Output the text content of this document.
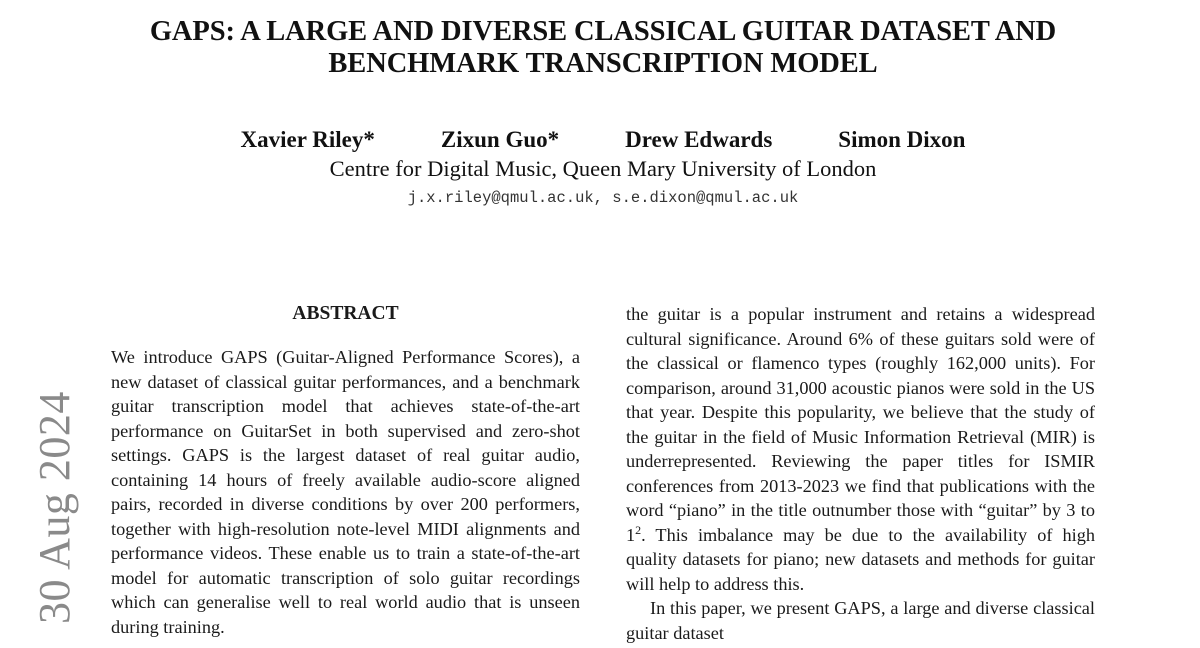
GAPS: A LARGE AND DIVERSE CLASSICAL GUITAR DATASET AND
BENCHMARK TRANSCRIPTION MODEL
Xavier Riley*	Zixun Guo*	Drew Edwards	Simon Dixon
Centre for Digital Music, Queen Mary University of London
j.x.riley@qmul.ac.uk, s.e.dixon@qmul.ac.uk
30 Aug 2024
ABSTRACT

We introduce GAPS (Guitar-Aligned Performance Scores), a new dataset of classical guitar performances, and a benchmark guitar transcription model that achieves state-of-the-art performance on GuitarSet in both supervised and zero-shot settings. GAPS is the largest dataset of real guitar audio, containing 14 hours of freely available audio-score aligned pairs, recorded in diverse conditions by over 200 performers, together with high-resolution note-level MIDI alignments and performance videos. These enable us to train a state-of-the-art model for automatic transcription of solo guitar recordings which can generalise well to real world audio that is unseen during training.

the guitar is a popular instrument and retains a widespread cultural significance. Around 6% of these guitars sold were of the classical or flamenco types (roughly 162,000 units). For comparison, around 31,000 acoustic pianos were sold in the US that year. Despite this popularity, we believe that the study of the guitar in the field of Music Information Retrieval (MIR) is underrepresented. Reviewing the paper titles for ISMIR conferences from 2013-2023 we find that publications with the word “piano” in the title outnumber those with “guitar” by 3 to $1^2$. This imbalance may be due to the availability of high quality datasets for piano; new datasets and methods for guitar will help to address this.

In this paper, we present GAPS, a large and diverse classical guitar dataset
